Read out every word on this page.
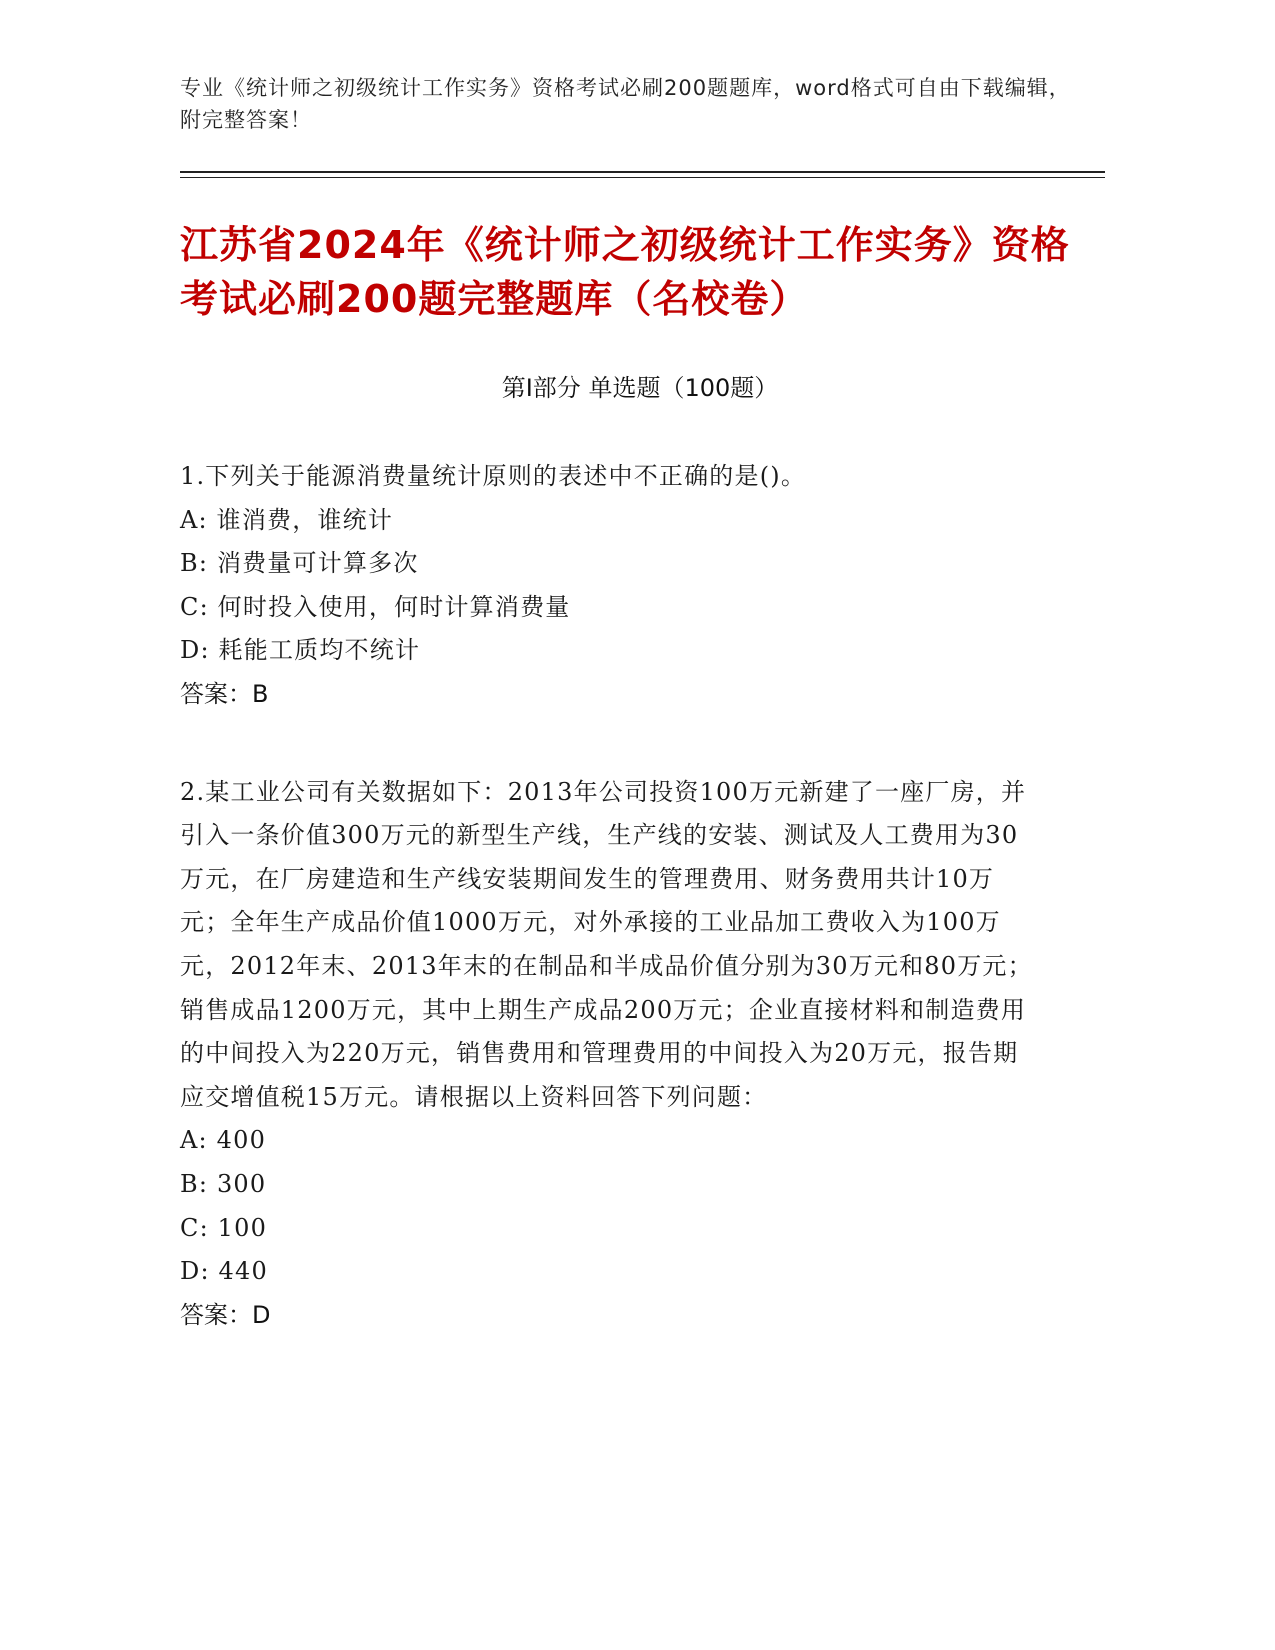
专业《统计师之初级统计工作实务》资格考试必刷200题题库，word格式可自由下载编辑，附完整答案！
江苏省2024年《统计师之初级统计工作实务》资格考试必刷200题完整题库（名校卷）
第I部分 单选题（100题）
1.下列关于能源消费量统计原则的表述中不正确的是()。
A: 谁消费，谁统计
B: 消费量可计算多次
C: 何时投入使用，何时计算消费量
D: 耗能工质均不统计
答案：B
2.某工业公司有关数据如下：2013年公司投资100万元新建了一座厂房，并引入一条价值300万元的新型生产线，生产线的安装、测试及人工费用为30万元，在厂房建造和生产线安装期间发生的管理费用、财务费用共计10万元；全年生产成品价值1000万元，对外承接的工业品加工费收入为100万元，2012年末、2013年末的在制品和半成品价值分别为30万元和80万元；销售成品1200万元，其中上期生产成品200万元；企业直接材料和制造费用的中间投入为220万元，销售费用和管理费用的中间投入为20万元，报告期应交增值税15万元。请根据以上资料回答下列问题：
A: 400
B: 300
C: 100
D: 440
答案：D
